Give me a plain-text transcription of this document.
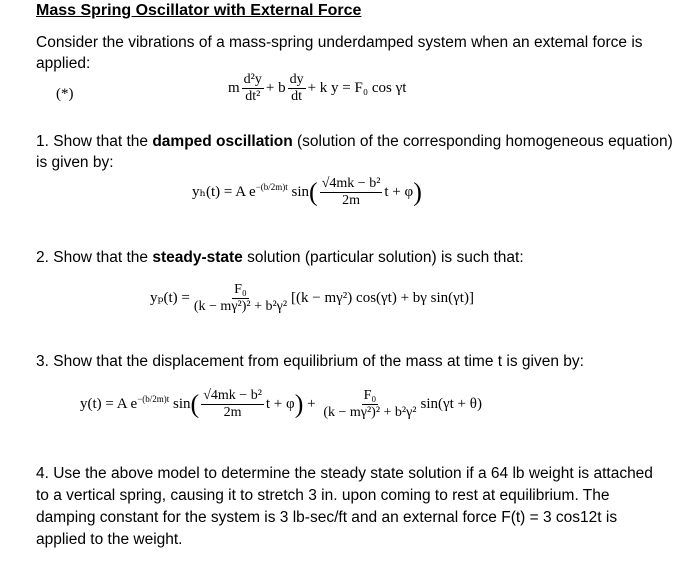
Mass Spring Oscillator with External Force
Consider the vibrations of a mass-spring underdamped system when an extemal force is applied:
(*)	m $\frac{\text{d²y}}{\text{dt²}} + b \frac{dy}{dt} + k$ y = F₀ cos γt
1. Show that the damped oscillation (solution of the corresponding homogeneous equation) is given by:
yₕ(t) = A $e^{-(b/2m)t}$ $\sin( \frac{\text{√4mk − b²}}{2m}$ t + φ)
2. Show that the steady-state solution (particular solution) is such that:
$y_p(t) = \frac{\text{F₀}}{\text{(k − mγ²)² + b²γ²}} [(k - m\gamma^2) \cos(\gamma t) + b\gamma$ sin(γt)]
3. Show that the displacement from equilibrium of the mass at time t is given by:
y(t) = A $e^{-(b/2m)t}$ $\sin( \frac{\text{√4mk − b²}}{2m}$ $t + \varphi) + \frac{\text{F₀}}{\text{(k − mγ²)² + b²γ²}} \sin(\gamma t + \theta)$
4. Use the above model to determine the steady state solution if a 64 lb weight is attached to a vertical spring, causing it to stretch 3 in. upon coming to rest at equilibrium. The damping constant for the system is 3 lb-sec/ft and an external force F(t) = 3 cos12t is applied to the weight.
